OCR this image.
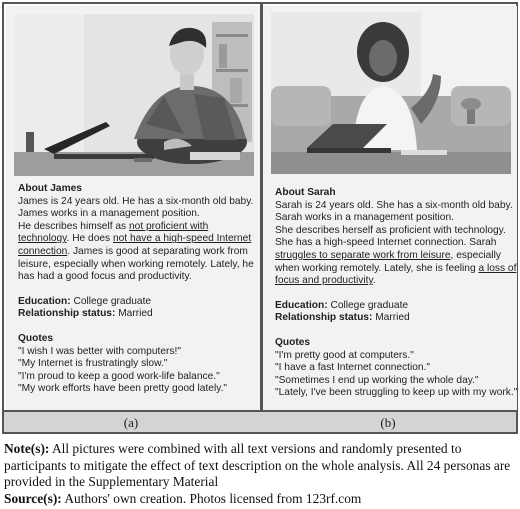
About James
James is 24 years old. He has a six-month old baby.
James works in a management position.
He describes himself as not proficient with
technology. He does not have a high-speed Internet
connection. James is good at separating work from
leisure, especially when working remotely. Lately, he
has had a good focus and productivity.
Education: College graduate
Relationship status: Married
Quotes
"I wish I was better with computers!"
"My Internet is frustratingly slow."
"I'm proud to keep a good work-life balance."
"My work efforts have been pretty good lately."
About Sarah
Sarah is 24 years old. She has a six-month old baby.
Sarah works in a management position.
She describes herself as proficient with technology.
She has a high-speed Internet connection. Sarah
struggles to separate work from leisure, especially
when working remotely. Lately, she is feeling a loss of
focus and productivity.
Education: College graduate
Relationship status: Married
Quotes
"I'm pretty good at computers."
"I have a fast Internet connection."
"Sometimes I end up working the whole day."
"Lately, I've been struggling to keep up with my work."
(a)	(b)
Note(s): All pictures were combined with all text versions and randomly presented to participants to mitigate the effect of text description on the whole analysis. All 24 personas are provided in the Supplementary Material
Source(s): Authors' own creation. Photos licensed from 123rf.com
